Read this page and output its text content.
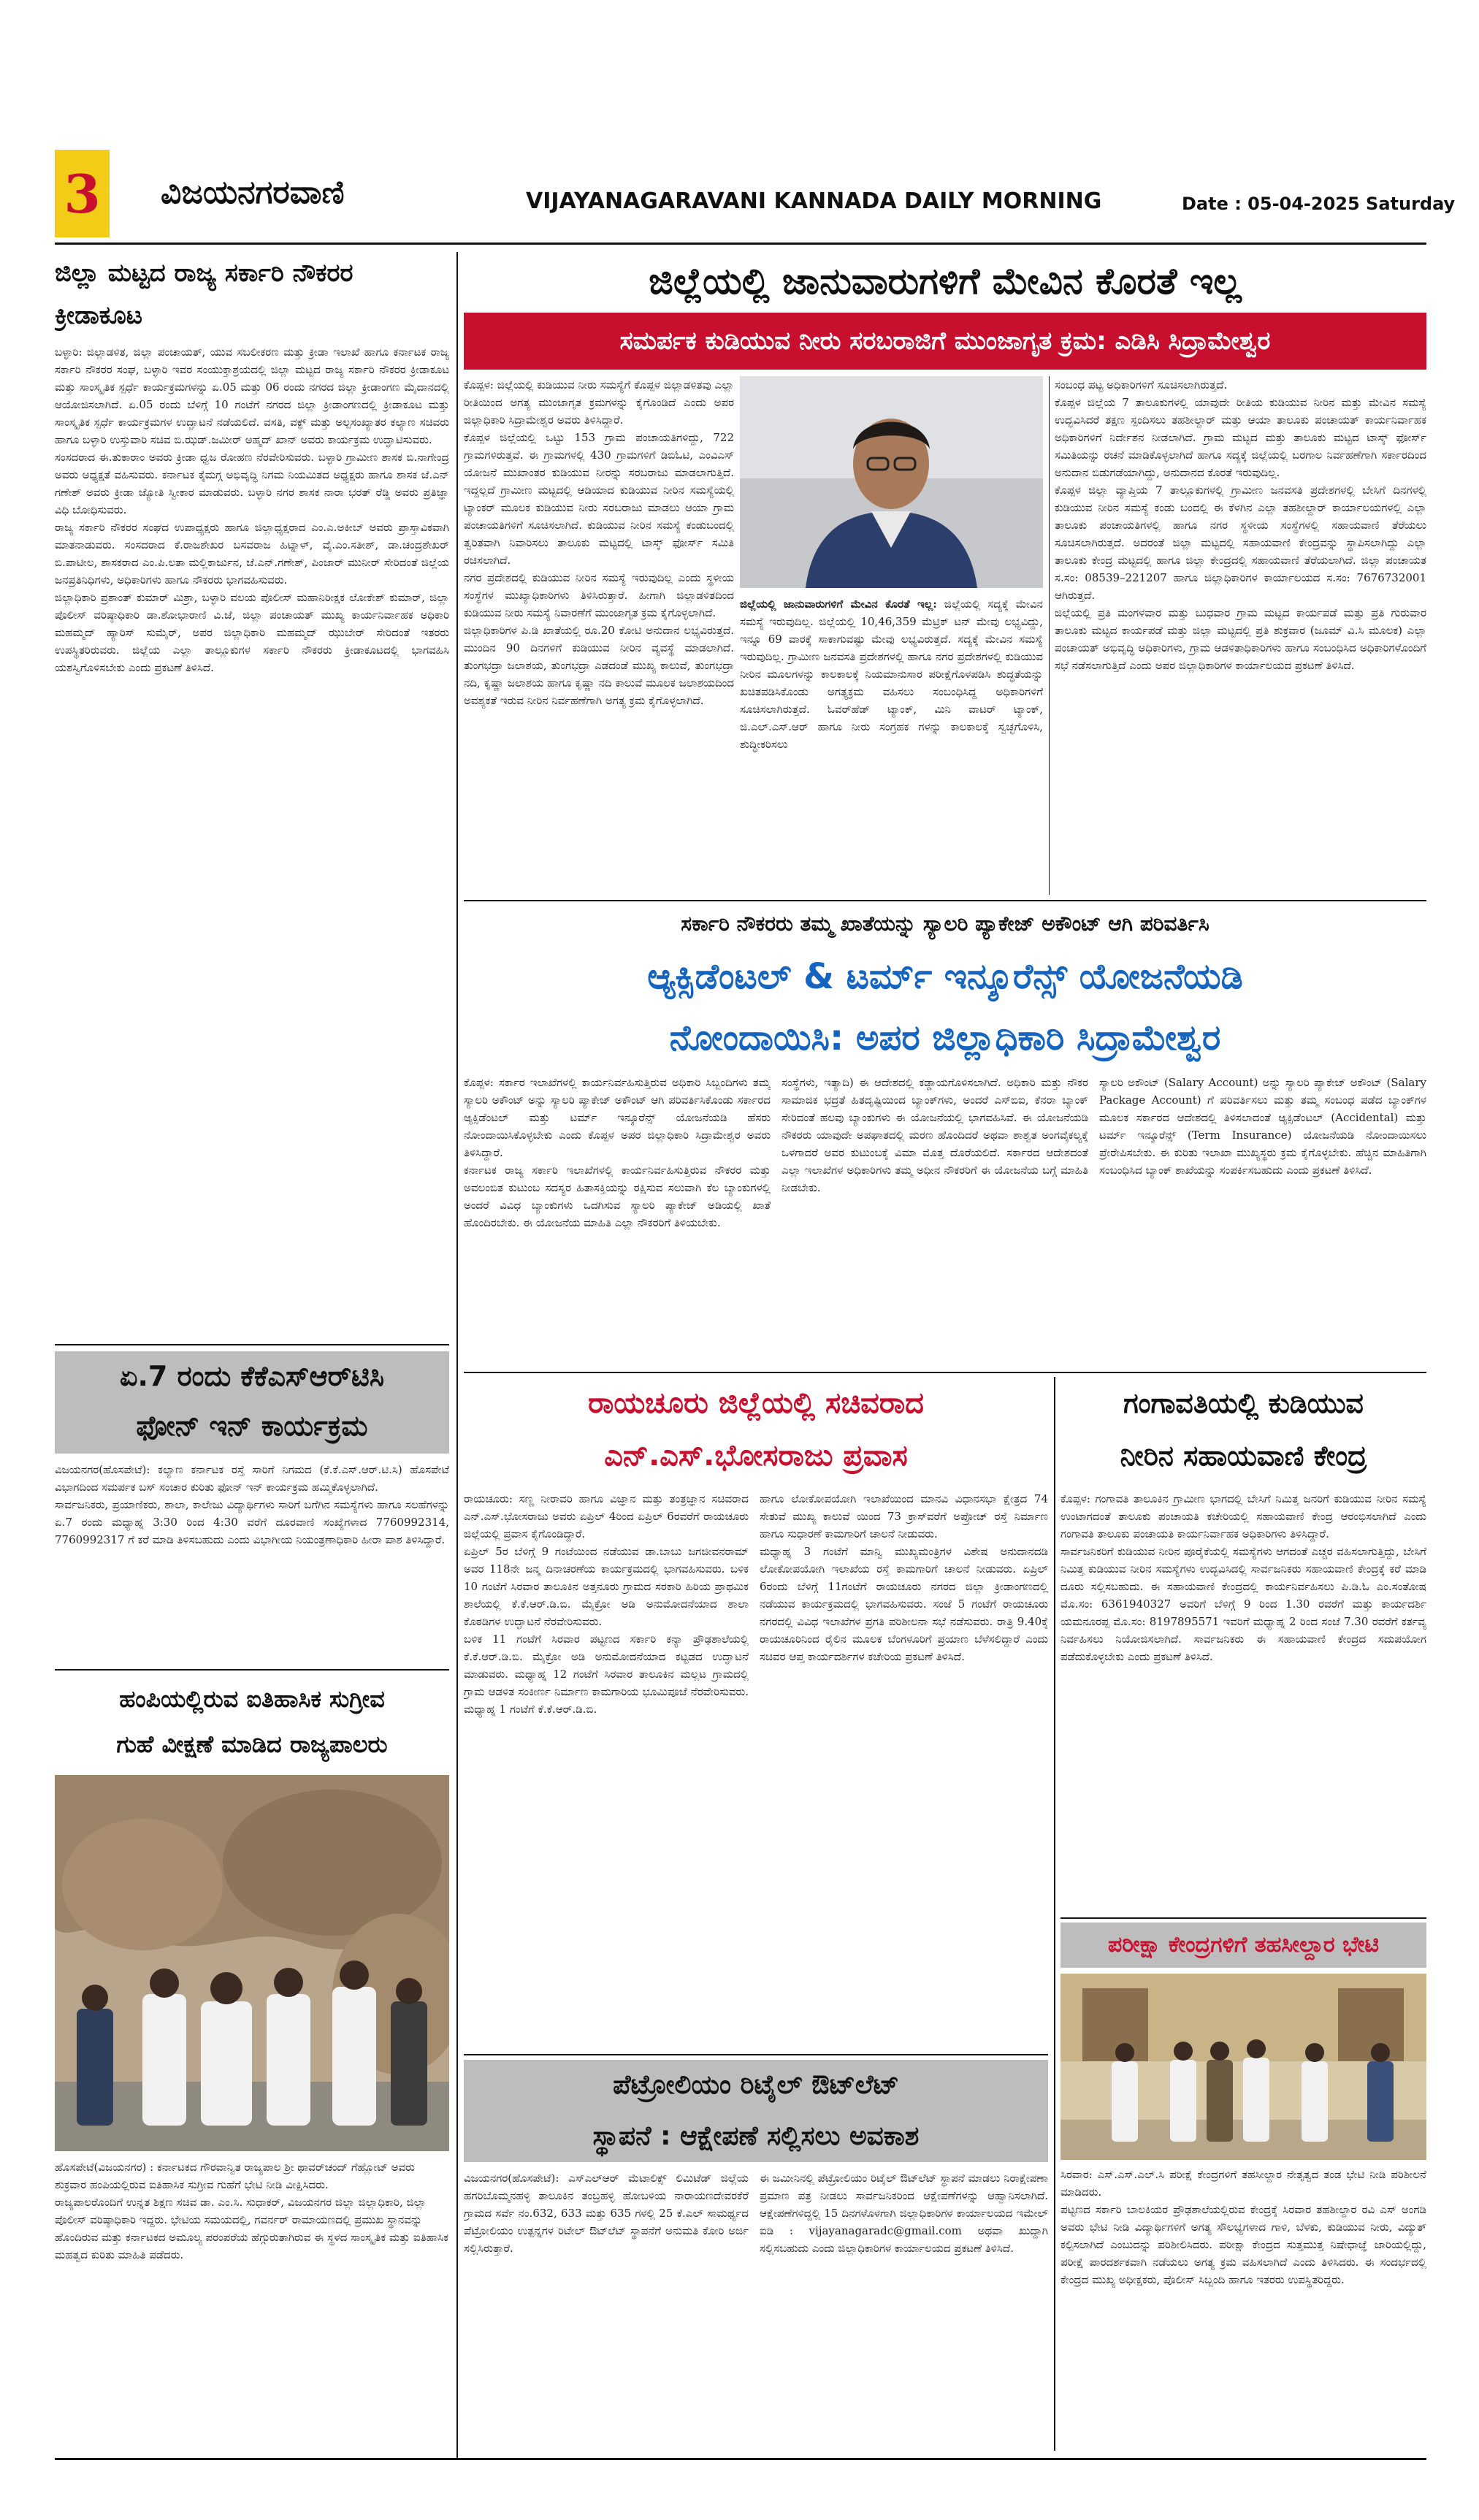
3 ವಿಜಯನಗರವಾಣಿ	VIJAYANAGARAVANI KANNADA DAILY MORNING	Date : 05-04-2025 Saturday
ಜಿಲ್ಲಾ ಮಟ್ಟದ ರಾಜ್ಯ ಸರ್ಕಾರಿ ನೌಕರರ ಕ್ರೀಡಾಕೂಟ

ಬಳ್ಳಾರಿ: ಜಿಲ್ಲಾಡಳಿತ, ಜಿಲ್ಲಾ ಪಂಚಾಯತ್, ಯುವ ಸಬಲೀಕರಣ ಮತ್ತು ಕ್ರೀಡಾ ಇಲಾಖೆ ಹಾಗೂ ಕರ್ನಾಟಕ ರಾಜ್ಯ ಸರ್ಕಾರಿ ನೌಕರರ ಸಂಘ, ಬಳ್ಳಾರಿ ಇವರ ಸಂಯುಕ್ತಾಶ್ರಯದಲ್ಲಿ ಜಿಲ್ಲಾ ಮಟ್ಟದ ರಾಜ್ಯ ಸರ್ಕಾರಿ ನೌಕರರ ಕ್ರೀಡಾಕೂಟ ಮತ್ತು ಸಾಂಸ್ಕೃತಿಕ ಸ್ಪರ್ಧೆ ಕಾರ್ಯಕ್ರಮಗಳನ್ನು ಏ.05 ಮತ್ತು 06 ರಂದು ನಗರದ ಜಿಲ್ಲಾ ಕ್ರೀಡಾಂಗಣ ಮೈದಾನದಲ್ಲಿ ಆಯೋಜಿಸಲಾಗಿದೆ. ಏ.05 ರಂದು ಬೆಳಿಗ್ಗೆ 10 ಗಂಟೆಗೆ ನಗರದ ಜಿಲ್ಲಾ ಕ್ರೀಡಾಂಗಣದಲ್ಲಿ ಕ್ರೀಡಾಕೂಟ ಮತ್ತು ಸಾಂಸ್ಕೃತಿಕ ಸ್ಪರ್ಧೆ ಕಾರ್ಯಕ್ರಮಗಳ ಉದ್ಘಾಟನೆ ನಡೆಯಲಿದೆ. ವಸತಿ, ವಕ್ಫ್ ಮತ್ತು ಅಲ್ಪಸಂಖ್ಯಾತರ ಕಲ್ಯಾಣ ಸಚಿವರು ಹಾಗೂ ಬಳ್ಳಾರಿ ಉಸ್ತುವಾರಿ ಸಚಿವ ಬಿ.ಝಡ್.ಜಮೀರ್ ಅಹ್ಮದ್ ಖಾನ್ ಅವರು ಕಾರ್ಯಕ್ರಮ ಉದ್ಘಾಟಿಸುವರು.
ಸಂಸದರಾದ ಈ.ತುಕಾರಾಂ ಅವರು ಕ್ರೀಡಾ ಧ್ವಜ ರೋಹಣ ನೆರವೇರಿಸುವರು. ಬಳ್ಳಾರಿ ಗ್ರಾಮೀಣ ಶಾಸಕ ಬಿ.ನಾಗೇಂದ್ರ ಅವರು ಅಧ್ಯಕ್ಷತೆ ವಹಿಸುವರು. ಕರ್ನಾಟಕ ಕೈಮಗ್ಗ ಅಭಿವೃದ್ಧಿ ನಿಗಮ ನಿಯಮಿತದ ಅಧ್ಯಕ್ಷರು ಹಾಗೂ ಶಾಸಕ ಜೆ.ಎನ್ ಗಣೇಶ್ ಅವರು ಕ್ರೀಡಾ ಜ್ಯೋತಿ ಸ್ವೀಕಾರ ಮಾಡುವರು. ಬಳ್ಳಾರಿ ನಗರ ಶಾಸಕ ನಾರಾ ಭರತ್ ರೆಡ್ಡಿ ಅವರು ಪ್ರತಿಜ್ಞಾ ವಿಧಿ ಬೋಧಿಸುವರು.
ರಾಜ್ಯ ಸರ್ಕಾರಿ ನೌಕರರ ಸಂಘದ ಉಪಾಧ್ಯಕ್ಷರು ಹಾಗೂ ಜಿಲ್ಲಾಧ್ಯಕ್ಷರಾದ ಎಂ.ಎ.ಅಕೀಬ್ ಅವರು ಪ್ರಾಸ್ತಾವಿಕವಾಗಿ ಮಾತನಾಡುವರು. ಸಂಸದರಾದ ಕೆ.ರಾಜಶೇಖರ ಬಸವರಾಜ ಹಿಟ್ನಾಳ್, ವೈ.ಎಂ.ಸತೀಶ್, ಡಾ.ಚಂದ್ರಶೇಖರ್ ಬಿ.ಪಾಟೀಲ, ಶಾಸಕರಾದ ಎಂ.ಪಿ.ಲತಾ ಮಲ್ಲಿಕಾರ್ಜುನ, ಜೆ.ಎನ್.ಗಣೇಶ್, ಪಿಂಜಾರ್ ಮುನೀರ್ ಸೇರಿದಂತೆ ಜಿಲ್ಲೆಯ ಜನಪ್ರತಿನಿಧಿಗಳು, ಅಧಿಕಾರಿಗಳು ಹಾಗೂ ನೌಕರರು ಭಾಗವಹಿಸುವರು.
ಜಿಲ್ಲಾಧಿಕಾರಿ ಪ್ರಶಾಂತ್ ಕುಮಾರ್ ಮಿಶ್ರಾ, ಬಳ್ಳಾರಿ ವಲಯ ಪೊಲೀಸ್ ಮಹಾನಿರೀಕ್ಷಕ ಲೋಕೇಶ್ ಕುಮಾರ್, ಜಿಲ್ಲಾ ಪೊಲೀಸ್ ವರಿಷ್ಠಾಧಿಕಾರಿ ಡಾ.ಶೋಭಾರಾಣಿ ವಿ.ಜೆ, ಜಿಲ್ಲಾ ಪಂಚಾಯತ್ ಮುಖ್ಯ ಕಾರ್ಯನಿರ್ವಾಹಕ ಅಧಿಕಾರಿ ಮಹಮ್ಮದ್ ಹ್ಯಾರಿಸ್ ಸುಮೈರ್, ಅಪರ ಜಿಲ್ಲಾಧಿಕಾರಿ ಮಹಮ್ಮದ್ ಝುಬೇರ್ ಸೇರಿದಂತೆ ಇತರರು ಉಪಸ್ಥಿತರಿರುವರು. ಜಿಲ್ಲೆಯ ಎಲ್ಲಾ ತಾಲ್ಲೂಕುಗಳ ಸರ್ಕಾರಿ ನೌಕರರು ಕ್ರೀಡಾಕೂಟದಲ್ಲಿ ಭಾಗವಹಿಸಿ ಯಶಸ್ವಿಗೊಳಿಸಬೇಕು ಎಂದು ಪ್ರಕಟಣೆ ತಿಳಿಸಿದೆ.
ಏ.7 ರಂದು ಕೆಕೆಎಸ್‌ಆರ್‌ಟಿಸಿ
ಫೋನ್ ಇನ್ ಕಾರ್ಯಕ್ರಮ
ವಿಜಯನಗರ(ಹೊಸಪೇಟೆ): ಕಲ್ಯಾಣ ಕರ್ನಾಟಕ ರಸ್ತೆ ಸಾರಿಗೆ ನಿಗಮದ (ಕೆ.ಕೆ.ಎಸ್.ಆರ್.ಟಿ.ಸಿ) ಹೊಸಪೇಟೆ ವಿಭಾಗದಿಂದ ಸಮರ್ಪಕ ಬಸ್ ಸಂಚಾರ ಕುರಿತು ಫೋನ್ ಇನ್ ಕಾರ್ಯಕ್ರಮ ಹಮ್ಮಿಕೊಳ್ಳಲಾಗಿದೆ.
ಸಾರ್ವಜನಿಕರು, ಪ್ರಯಾಣಿಕರು, ಶಾಲಾ, ಕಾಲೇಜು ವಿದ್ಯಾರ್ಥಿಗಳು ಸಾರಿಗೆ ಬಗೆಗಿನ ಸಮಸ್ಯೆಗಳು ಹಾಗೂ ಸಲಹೆಗಳನ್ನು ಏ.7 ರಂದು ಮಧ್ಯಾಹ್ನ 3:30 ರಿಂದ 4:30 ವರೆಗೆ ದೂರವಾಣಿ ಸಂಖ್ಯೆಗಳಾದ 7760992314, 7760992317 ಗೆ ಕರೆ ಮಾಡಿ ತಿಳಿಸಬಹುದು ಎಂದು ವಿಭಾಗೀಯ ನಿಯಂತ್ರಣಾಧಿಕಾರಿ ಹೀರಾ ಪಾಶ ತಿಳಿಸಿದ್ದಾರೆ.
ಹಂಪಿಯಲ್ಲಿರುವ ಐತಿಹಾಸಿಕ ಸುಗ್ರೀವ
ಗುಹೆ ವೀಕ್ಷಣೆ ಮಾಡಿದ ರಾಜ್ಯಪಾಲರು
ಹೊಸಪೇಟೆ(ವಿಜಯನಗರ) : ಕರ್ನಾಟಕದ ಗೌರವಾನ್ವಿತ ರಾಜ್ಯಪಾಲ ಶ್ರೀ ಥಾವರ್‌ಚಂದ್ ಗೆಹ್ಲೋಟ್ ಅವರು ಶುಕ್ರವಾರ ಹಂಪಿಯಲ್ಲಿರುವ ಐತಿಹಾಸಿಕ ಸುಗ್ರೀವ ಗುಹೆಗೆ ಭೇಟಿ ನೀಡಿ ವೀಕ್ಷಿಸಿದರು.
ರಾಜ್ಯಪಾಲರೊಂದಿಗೆ ಉನ್ನತ ಶಿಕ್ಷಣ ಸಚಿವ ಡಾ. ಎಂ.ಸಿ. ಸುಧಾಕರ್, ವಿಜಯನಗರ ಜಿಲ್ಲಾ ಜಿಲ್ಲಾಧಿಕಾರಿ, ಜಿಲ್ಲಾ ಪೊಲೀಸ್ ವರಿಷ್ಠಾಧಿಕಾರಿ ಇದ್ದರು. ಭೇಟಿಯ ಸಮಯದಲ್ಲಿ, ಗವರ್ನರ್ ರಾಮಾಯಣದಲ್ಲಿ ಪ್ರಮುಖ ಸ್ಥಾನವನ್ನು ಹೊಂದಿರುವ ಮತ್ತು ಕರ್ನಾಟಕದ ಅಮೂಲ್ಯ ಪರಂಪರೆಯ ಹೆಗ್ಗುರುತಾಗಿರುವ ಈ ಸ್ಥಳದ ಸಾಂಸ್ಕೃತಿಕ ಮತ್ತು ಐತಿಹಾಸಿಕ ಮಹತ್ವದ ಕುರಿತು ಮಾಹಿತಿ ಪಡೆದರು.
ಜಿಲ್ಲೆಯಲ್ಲಿ ಜಾನುವಾರುಗಳಿಗೆ ಮೇವಿನ ಕೊರತೆ ಇಲ್ಲ
ಸಮರ್ಪಕ ಕುಡಿಯುವ ನೀರು ಸರಬರಾಜಿಗೆ ಮುಂಜಾಗೃತ ಕ್ರಮ: ಎಡಿಸಿ ಸಿದ್ರಾಮೇಶ್ವರ
ಕೊಪ್ಪಳ: ಜಿಲ್ಲೆಯಲ್ಲಿ ಕುಡಿಯುವ ನೀರು ಸಮಸ್ಯೆಗೆ ಕೊಪ್ಪಳ ಜಿಲ್ಲಾಡಳಿತವು ಎಲ್ಲಾ ರೀತಿಯಿಂದ ಅಗತ್ಯ ಮುಂಜಾಗೃತ ಕ್ರಮಗಳನ್ನು ಕೈಗೊಂಡಿದೆ ಎಂದು ಅಪರ ಜಿಲ್ಲಾಧಿಕಾರಿ ಸಿದ್ರಾಮೇಶ್ವರ ಅವರು ತಿಳಿಸಿದ್ದಾರೆ.
ಕೊಪ್ಪಳ ಜಿಲ್ಲೆಯಲ್ಲಿ ಒಟ್ಟು 153 ಗ್ರಾಮ ಪಂಚಾಯತಿಗಳಿದ್ದು, 722 ಗ್ರಾಮಗಳಿರುತ್ತವೆ. ಈ ಗ್ರಾಮಗಳಲ್ಲಿ 430 ಗ್ರಾಮಗಳಿಗೆ ಡಿಬಿಓಟಿ, ಎಂವಿಎಸ್ ಯೋಜನೆ ಮುಖಾಂತರ ಕುಡಿಯುವ ನೀರನ್ನು ಸರಬರಾಜು ಮಾಡಲಾಗುತ್ತಿದೆ. ಇದ್ದಲ್ಲದೆ ಗ್ರಾಮೀಣ ಮಟ್ಟದಲ್ಲಿ ಆಡಿಯಾದ ಕುಡಿಯುವ ನೀರಿನ ಸಮಸ್ಯೆಯಲ್ಲಿ ಟ್ಯಾಂಕರ್ ಮೂಲಕ ಕುಡಿಯುವ ನೀರು ಸರಬರಾಜು ಮಾಡಲು ಆಯಾ ಗ್ರಾಮ ಪಂಚಾಯತಿಗಳಿಗೆ ಸೂಚಿಸಲಾಗಿದೆ. ಕುಡಿಯುವ ನೀರಿನ ಸಮಸ್ಯೆ ಕಂಡುಬಂದಲ್ಲಿ ತ್ವರಿತವಾಗಿ ನಿವಾರಿಸಲು ತಾಲೂಕು ಮಟ್ಟದಲ್ಲಿ ಟಾಸ್ಕ್ ಫೋರ್ಸ್ ಸಮಿತಿ ರಚಿಸಲಾಗಿದೆ.
ನಗರ ಪ್ರದೇಶದಲ್ಲಿ ಕುಡಿಯುವ ನೀರಿನ ಸಮಸ್ಯೆ ಇರುವುದಿಲ್ಲ ಎಂದು ಸ್ಥಳೀಯ ಸಂಸ್ಥೆಗಳ ಮುಖ್ಯಾಧಿಕಾರಿಗಳು ತಿಳಿಸಿರುತ್ತಾರೆ. ಹೀಗಾಗಿ ಜಿಲ್ಲಾಡಳಿತದಿಂದ ಕುಡಿಯುವ ನೀರು ಸಮಸ್ಯೆ ನಿವಾರಣೆಗೆ ಮುಂಜಾಗೃತ ಕ್ರಮ ಕೈಗೊಳ್ಳಲಾಗಿದೆ.
ಜಿಲ್ಲಾಧಿಕಾರಿಗಳ ಪಿ.ಡಿ ಖಾತೆಯಲ್ಲಿ ರೂ.20 ಕೋಟಿ ಅನುದಾನ ಲಭ್ಯವಿರುತ್ತದೆ. ಮುಂದಿನ 90 ದಿನಗಳಿಗೆ ಕುಡಿಯುವ ನೀರಿನ ವ್ಯವಸ್ಥೆ ಮಾಡಲಾಗಿದೆ. ತುಂಗಭದ್ರಾ ಜಲಾಶಯ, ತುಂಗಭದ್ರಾ ಎಡದಂಡೆ ಮುಖ್ಯ ಕಾಲುವೆ, ತುಂಗಭದ್ರಾ ನದಿ, ಕೃಷ್ಣಾ ಜಲಾಶಯ ಹಾಗೂ ಕೃಷ್ಣಾ ನದಿ ಕಾಲುವೆ ಮೂಲಕ ಜಲಾಶಯದಿಂದ ಅವಶ್ಯಕತೆ ಇರುವ ನೀರಿನ ನಿರ್ವಹಣೆಗಾಗಿ ಅಗತ್ಯ ಕ್ರಮ ಕೈಗೊಳ್ಳಲಾಗಿದೆ.
ಜಿಲ್ಲೆಯಲ್ಲಿ ಜಾನುವಾರುಗಳಿಗೆ ಮೇವಿನ ಕೊರತೆ ಇಲ್ಲ: ಜಿಲ್ಲೆಯಲ್ಲಿ ಸದ್ಯಕ್ಕೆ ಮೇವಿನ ಸಮಸ್ಯೆ ಇರುವುದಿಲ್ಲ. ಜಿಲ್ಲೆಯಲ್ಲಿ 10,46,359 ಮೆಟ್ರಿಕ್ ಟನ್ ಮೇವು ಲಭ್ಯವಿದ್ದು, ಇನ್ನೂ 69 ವಾರಕ್ಕೆ ಸಾಕಾಗುವಷ್ಟು ಮೇವು ಲಭ್ಯವಿರುತ್ತದೆ. ಸದ್ಯಕ್ಕೆ ಮೇವಿನ ಸಮಸ್ಯೆ ಇರುವುದಿಲ್ಲ. ಗ್ರಾಮೀಣ ಜನವಸತಿ ಪ್ರದೇಶಗಳಲ್ಲಿ ಹಾಗೂ ನಗರ ಪ್ರದೇಶಗಳಲ್ಲಿ ಕುಡಿಯುವ ನೀರಿನ ಮೂಲಗಳನ್ನು ಕಾಲಕಾಲಕ್ಕೆ ನಿಯಮಾನುಸಾರ ಪರೀಕ್ಷೆಗೊಳಪಡಿಸಿ ಶುದ್ಧತೆಯನ್ನು ಖಚಿತಪಡಿಸಿಕೊಂಡು ಅಗತ್ಯಕ್ರಮ ವಹಿಸಲು ಸಂಬಂಧಿಸಿದ್ದ ಅಧಿಕಾರಿಗಳಿಗೆ ಸೂಚಿಸಲಾಗಿರುತ್ತದೆ. ಓವರ್‌ಹೆಡ್ ಟ್ಯಾಂಕ್, ಮಿನಿ ವಾಟರ್ ಟ್ಯಾಂಕ್, ಜಿ.ಎಲ್.ಎಸ್.ಆರ್ ಹಾಗೂ ನೀರು ಸಂಗ್ರಹಕ ಗಳನ್ನು ಕಾಲಕಾಲಕ್ಕೆ ಸ್ವಚ್ಛಗೊಳಿಸಿ, ಶುದ್ಧೀಕರಿಸಲು
ಸಂಬಂಧ ಪಟ್ಟ ಅಧಿಕಾರಿಗಳಿಗೆ ಸೂಚಿಸಲಾಗಿರುತ್ತದೆ.
ಕೊಪ್ಪಳ ಜಿಲ್ಲೆಯ 7 ತಾಲೂಕುಗಳಲ್ಲಿ ಯಾವುದೇ ರೀತಿಯ ಕುಡಿಯುವ ನೀರಿನ ಮತ್ತು ಮೇವಿನ ಸಮಸ್ಯೆ ಉದ್ಭವಿಸಿದರೆ ತಕ್ಷಣ ಸ್ಪಂದಿಸಲು ತಹಶೀಲ್ದಾರ್ ಮತ್ತು ಆಯಾ ತಾಲೂಕು ಪಂಚಾಯತ್ ಕಾರ್ಯನಿರ್ವಾಹಕ ಅಧಿಕಾರಿಗಳಿಗೆ ನಿರ್ದೇಶನ ನೀಡಲಾಗಿದೆ. ಗ್ರಾಮ ಮಟ್ಟದ ಮತ್ತು ತಾಲೂಕು ಮಟ್ಟದ ಟಾಸ್ಕ್ ಫೋರ್ಸ್ ಸಮಿತಿಯನ್ನು ರಚನೆ ಮಾಡಿಕೊಳ್ಳಲಾಗಿದೆ ಹಾಗೂ ಸದ್ಯಕ್ಕೆ ಜಿಲ್ಲೆಯಲ್ಲಿ ಬರಗಾಲ ನಿರ್ವಹಣೆಗಾಗಿ ಸರ್ಕಾರದಿಂದ ಅನುದಾನ ಬಿಡುಗಡೆಯಾಗಿದ್ದು, ಅನುದಾನದ ಕೊರತೆ ಇರುವುದಿಲ್ಲ.
ಕೊಪ್ಪಳ ಜಿಲ್ಲಾ ವ್ಯಾಪ್ತಿಯ 7 ತಾಲ್ಲೂಕುಗಳಲ್ಲಿ ಗ್ರಾಮೀಣ ಜನವಸತಿ ಪ್ರದೇಶಗಳಲ್ಲಿ ಬೇಸಿಗೆ ದಿನಗಳಲ್ಲಿ ಕುಡಿಯುವ ನೀರಿನ ಸಮಸ್ಯೆ ಕಂಡು ಬಂದಲ್ಲಿ ಈ ಕೆಳಗಿನ ಎಲ್ಲಾ ತಹಶೀಲ್ದಾರ್ ಕಾರ್ಯಾಲಯಗಳಲ್ಲಿ ಎಲ್ಲಾ ತಾಲೂಕು ಪಂಚಾಯತಿಗಳಲ್ಲಿ ಹಾಗೂ ನಗರ ಸ್ಥಳೀಯ ಸಂಸ್ಥೆಗಳಲ್ಲಿ ಸಹಾಯವಾಣಿ ತೆರೆಯಲು ಸೂಚಿಸಲಾಗಿರುತ್ತದೆ. ಅದರಂತೆ ಜಿಲ್ಲಾ ಮಟ್ಟದಲ್ಲಿ ಸಹಾಯವಾಣಿ ಕೇಂದ್ರವನ್ನು ಸ್ಥಾಪಿಸಲಾಗಿದ್ದು ಎಲ್ಲಾ ತಾಲೂಕು ಕೇಂದ್ರ ಮಟ್ಟದಲ್ಲಿ ಹಾಗೂ ಜಿಲ್ಲಾ ಕೇಂದ್ರದಲ್ಲಿ ಸಹಾಯವಾಣಿ ತೆರೆಯಲಾಗಿದೆ. ಜಿಲ್ಲಾ ಪಂಚಾಯತ ಸ.ಸಂ: 08539–221207 ಹಾಗೂ ಜಿಲ್ಲಾಧಿಕಾರಿಗಳ ಕಾರ್ಯಾಲಯದ ಸ.ಸಂ: 7676732001 ಆಗಿರುತ್ತದೆ.
ಜಿಲ್ಲೆಯಲ್ಲಿ ಪ್ರತಿ ಮಂಗಳವಾರ ಮತ್ತು ಬುಧವಾರ ಗ್ರಾಮ ಮಟ್ಟದ ಕಾರ್ಯಪಡೆ ಮತ್ತು ಪ್ರತಿ ಗುರುವಾರ ತಾಲೂಕು ಮಟ್ಟದ ಕಾರ್ಯಪಡೆ ಮತ್ತು ಜಿಲ್ಲಾ ಮಟ್ಟದಲ್ಲಿ ಪ್ರತಿ ಶುಕ್ರವಾರ (ಜೂಮ್ ವಿ.ಸಿ ಮೂಲಕ) ಎಲ್ಲಾ ಪಂಚಾಯತ್ ಅಭಿವೃದ್ಧಿ ಅಧಿಕಾರಿಗಳು, ಗ್ರಾಮ ಆಡಳಿತಾಧಿಕಾರಿಗಳು ಹಾಗೂ ಸಂಬಂಧಿಸಿದ ಅಧಿಕಾರಿಗಳೊಂದಿಗೆ ಸಭೆ ನಡೆಸಲಾಗುತ್ತಿದೆ ಎಂದು ಅಪರ ಜಿಲ್ಲಾಧಿಕಾರಿಗಳ ಕಾರ್ಯಾಲಯದ ಪ್ರಕಟಣೆ ತಿಳಿಸಿದೆ.
ಸರ್ಕಾರಿ ನೌಕರರು ತಮ್ಮ ಖಾತೆಯನ್ನು ಸ್ಯಾಲರಿ ಪ್ಯಾಕೇಜ್ ಅಕೌಂಟ್ ಆಗಿ ಪರಿವರ್ತಿಸಿ
ಆ್ಯಕ್ಸಿಡೆಂಟಲ್ & ಟರ್ಮ್ ಇನ್ಶೂರೆನ್ಸ್ ಯೋಜನೆಯಡಿ
ನೋಂದಾಯಿಸಿ: ಅಪರ ಜಿಲ್ಲಾಧಿಕಾರಿ ಸಿದ್ರಾಮೇಶ್ವರ
ಕೊಪ್ಪಳ: ಸರ್ಕಾರ ಇಲಾಖೆಗಳಲ್ಲಿ ಕಾರ್ಯನಿರ್ವಹಿಸುತ್ತಿರುವ ಅಧಿಕಾರಿ ಸಿಬ್ಬಂದಿಗಳು ತಮ್ಮ ಸ್ಯಾಲರಿ ಅಕೌಂಟ್ ಅನ್ನು ಸ್ಯಾಲರಿ ಪ್ಯಾಕೇಜ್ ಅಕೌಂಟ್ ಆಗಿ ಪರಿವರ್ತಿಸಿಕೊಂಡು ಸರ್ಕಾರದ ಆ್ಯಕ್ಸಿಡೆಂಟಲ್ ಮತ್ತು ಟರ್ಮ್ ಇನ್ಶೂರೆನ್ಸ್ ಯೋಜನೆಯಡಿ ಹೆಸರು ನೋಂದಾಯಿಸಿಕೊಳ್ಳಬೇಕು ಎಂದು ಕೊಪ್ಪಳ ಅಪರ ಜಿಲ್ಲಾಧಿಕಾರಿ ಸಿದ್ರಾಮೇಶ್ವರ ಅವರು ತಿಳಿಸಿದ್ದಾರೆ.
ಕರ್ನಾಟಕ ರಾಜ್ಯ ಸರ್ಕಾರಿ ಇಲಾಖೆಗಳಲ್ಲಿ ಕಾರ್ಯನಿರ್ವಹಿಸುತ್ತಿರುವ ನೌಕರರ ಮತ್ತು ಅವಲಂಬಿತ ಕುಟುಂಬ ಸದಸ್ಯರ ಹಿತಾಸಕ್ತಿಯನ್ನು ರಕ್ಷಿಸುವ ಸಲುವಾಗಿ ಕೆಲ ಬ್ಯಾಂಕುಗಳಲ್ಲಿ ಅಂದರೆ ವಿವಿಧ ಬ್ಯಾಂಕುಗಳು ಒದಗಿಸುವ ಸ್ಯಾಲರಿ ಪ್ಯಾಕೇಜ್ ಅಡಿಯಲ್ಲಿ ಖಾತೆ ಹೊಂದಿರಬೇಕು. ಈ ಯೋಜನೆಯ ಮಾಹಿತಿ ಎಲ್ಲಾ ನೌಕರರಿಗೆ ತಿಳಿಯಬೇಕು.
ಸಂಸ್ಥೆಗಳು, ಇತ್ಯಾದಿ) ಈ ಆದೇಶದಲ್ಲಿ ಕಡ್ಡಾಯಗೊಳಿಸಲಾಗಿದೆ. ಅಧಿಕಾರಿ ಮತ್ತು ನೌಕರ ಸಾಮಾಜಿಕ ಭದ್ರತೆ ಹಿತದೃಷ್ಟಿಯಿಂದ ಬ್ಯಾಂಕ್‌ಗಳು, ಅಂದರೆ ಎಸ್‌ಬಿಐ, ಕೆನರಾ ಬ್ಯಾಂಕ್ ಸೇರಿದಂತೆ ಹಲವು ಬ್ಯಾಂಕುಗಳು ಈ ಯೋಜನೆಯಲ್ಲಿ ಭಾಗವಹಿಸಿವೆ. ಈ ಯೋಜನೆಯಡಿ ನೌಕರರು ಯಾವುದೇ ಅಪಘಾತದಲ್ಲಿ ಮರಣ ಹೊಂದಿದರೆ ಅಥವಾ ಶಾಶ್ವತ ಅಂಗವೈಕಲ್ಯಕ್ಕೆ ಒಳಗಾದರೆ ಅವರ ಕುಟುಂಬಕ್ಕೆ ವಿಮಾ ಮೊತ್ತ ದೊರೆಯಲಿದೆ. ಸರ್ಕಾರದ ಆದೇಶದಂತೆ ಎಲ್ಲಾ ಇಲಾಖೆಗಳ ಅಧಿಕಾರಿಗಳು ತಮ್ಮ ಅಧೀನ ನೌಕರರಿಗೆ ಈ ಯೋಜನೆಯ ಬಗ್ಗೆ ಮಾಹಿತಿ ನೀಡಬೇಕು.
ಸ್ಯಾಲರಿ ಅಕೌಂಟ್ (Salary Account) ಅನ್ನು ಸ್ಯಾಲರಿ ಪ್ಯಾಕೇಜ್ ಅಕೌಂಟ್ (Salary Package Account) ಗೆ ಪರಿವರ್ತಿಸಲು ಮತ್ತು ತಮ್ಮ ಸಂಬಂಧ ಪಡೆದ ಬ್ಯಾಂಕ್‌ಗಳ ಮೂಲಕ ಸರ್ಕಾರದ ಆದೇಶದಲ್ಲಿ ತಿಳಿಸಲಾದಂತೆ ಆ್ಯಕ್ಸಿಡೆಂಟಲ್ (Accidental) ಮತ್ತು ಟರ್ಮ್ ಇನ್ಶೂರೆನ್ಸ್ (Term Insurance) ಯೋಜನೆಯಡಿ ನೋಂದಾಯಿಸಲು ಪ್ರೇರೇಪಿಸಬೇಕು. ಈ ಕುರಿತು ಇಲಾಖಾ ಮುಖ್ಯಸ್ಥರು ಕ್ರಮ ಕೈಗೊಳ್ಳಬೇಕು. ಹೆಚ್ಚಿನ ಮಾಹಿತಿಗಾಗಿ ಸಂಬಂಧಿಸಿದ ಬ್ಯಾಂಕ್ ಶಾಖೆಯನ್ನು ಸಂಪರ್ಕಿಸಬಹುದು ಎಂದು ಪ್ರಕಟಣೆ ತಿಳಿಸಿದೆ.
ರಾಯಚೂರು ಜಿಲ್ಲೆಯಲ್ಲಿ ಸಚಿವರಾದ
ಎನ್.ಎಸ್.ಭೋಸರಾಜು ಪ್ರವಾಸ
ರಾಯಚೂರು: ಸಣ್ಣ ನೀರಾವರಿ ಹಾಗೂ ವಿಜ್ಞಾನ ಮತ್ತು ತಂತ್ರಜ್ಞಾನ ಸಚಿವರಾದ ಎನ್.ಎಸ್.ಭೋಸರಾಜು ಅವರು ಏಪ್ರಿಲ್ 4ರಿಂದ ಏಪ್ರಿಲ್ 6ರವರೆಗೆ ರಾಯಚೂರು ಜಿಲ್ಲೆಯಲ್ಲಿ ಪ್ರವಾಸ ಕೈಗೊಂಡಿದ್ದಾರೆ.
ಏಪ್ರಿಲ್ 5ರ ಬೆಳಿಗ್ಗೆ 9 ಗಂಟೆಯಿಂದ ನಡೆಯುವ ಡಾ.ಬಾಬು ಜಗಜೀವನರಾಮ್ ಅವರ 118ನೇ ಜನ್ಮ ದಿನಾಚರಣೆಯ ಕಾರ್ಯಕ್ರಮದಲ್ಲಿ ಭಾಗವಹಿಸುವರು. ಬಳಿಕ 10 ಗಂಟೆಗೆ ಸಿರವಾರ ತಾಲೂಕಿನ ಅತ್ತನೂರು ಗ್ರಾಮದ ಸರಕಾರಿ ಹಿರಿಯ ಪ್ರಾಥಮಿಕ ಶಾಲೆಯಲ್ಲಿ ಕೆ.ಕೆ.ಆರ್.ಡಿ.ಬಿ. ಮೈಕ್ರೋ ಅಡಿ ಅನುಮೋದನೆಯಾದ ಶಾಲಾ ಕೊಠಡಿಗಳ ಉದ್ಘಾಟನೆ ನೆರವೇರಿಸುವರು.
ಬಳಿಕ 11 ಗಂಟೆಗೆ ಸಿರವಾರ ಪಟ್ಟಣದ ಸರ್ಕಾರಿ ಕನ್ಯಾ ಪ್ರೌಢಶಾಲೆಯಲ್ಲಿ ಕೆ.ಕೆ.ಆರ್.ಡಿ.ಬಿ. ಮೈಕ್ರೋ ಅಡಿ ಅನುಮೋದನೆಯಾದ ಕಟ್ಟಡದ ಉದ್ಘಾಟನೆ ಮಾಡುವರು. ಮಧ್ಯಾಹ್ನ 12 ಗಂಟೆಗೆ ಸಿರವಾರ ತಾಲೂಕಿನ ಮಲ್ಲಟ ಗ್ರಾಮದಲ್ಲಿ ಗ್ರಾಮ ಆಡಳಿತ ಸಂಕೀರ್ಣ ನಿರ್ಮಾಣ ಕಾಮಗಾರಿಯ ಭೂಮಿಪೂಜೆ ನೆರವೇರಿಸುವರು. ಮಧ್ಯಾಹ್ನ 1 ಗಂಟೆಗೆ ಕೆ.ಕೆ.ಆರ್.ಡಿ.ಬಿ.
ಹಾಗೂ ಲೋಕೋಪಯೋಗಿ ಇಲಾಖೆಯಿಂದ ಮಾನವಿ ವಿಧಾನಸಭಾ ಕ್ಷೇತ್ರದ 74 ಸೇತುವೆ ಮುಖ್ಯ ಕಾಲುವೆ ಯಿಂದ 73 ಕ್ರಾಸ್‌ವರೆಗೆ ಅಪ್ರೋಚ್ ರಸ್ತೆ ನಿರ್ಮಾಣ ಹಾಗೂ ಸುಧಾರಣೆ ಕಾಮಗಾರಿಗೆ ಚಾಲನೆ ನೀಡುವರು.
ಮಧ್ಯಾಹ್ನ 3 ಗಂಟೆಗೆ ಮಾನ್ವಿ ಮುಖ್ಯಮಂತ್ರಿಗಳ ವಿಶೇಷ ಅನುದಾನದಡಿ ಲೋಕೋಪಯೋಗಿ ಇಲಾಖೆಯ ರಸ್ತೆ ಕಾಮಗಾರಿಗೆ ಚಾಲನೆ ನೀಡುವರು. ಏಪ್ರಿಲ್ 6ರಂದು ಬೆಳಿಗ್ಗೆ 11ಗಂಟೆಗೆ ರಾಯಚೂರು ನಗರದ ಜಿಲ್ಲಾ ಕ್ರೀಡಾಂಗಣದಲ್ಲಿ ನಡೆಯುವ ಕಾರ್ಯಕ್ರಮದಲ್ಲಿ ಭಾಗವಹಿಸುವರು. ಸಂಜೆ 5 ಗಂಟೆಗೆ ರಾಯಚೂರು ನಗರದಲ್ಲಿ ವಿವಿಧ ಇಲಾಖೆಗಳ ಪ್ರಗತಿ ಪರಿಶೀಲನಾ ಸಭೆ ನಡೆಸುವರು. ರಾತ್ರಿ 9.40ಕ್ಕೆ ರಾಯಚೂರಿನಿಂದ ರೈಲಿನ ಮೂಲಕ ಬೆಂಗಳೂರಿಗೆ ಪ್ರಯಾಣ ಬೆಳೆಸಲಿದ್ದಾರೆ ಎಂದು ಸಚಿವರ ಆಪ್ತ ಕಾರ್ಯದರ್ಶಿಗಳ ಕಚೇರಿಯ ಪ್ರಕಟಣೆ ತಿಳಿಸಿದೆ.
ಪೆಟ್ರೋಲಿಯಂ ರಿಟೈಲ್ ಔಟ್‌ಲೆಟ್
ಸ್ಥಾಪನೆ : ಆಕ್ಷೇಪಣೆ ಸಲ್ಲಿಸಲು ಅವಕಾಶ
ವಿಜಯನಗರ(ಹೊಸಪೇಟೆ): ಎಸ್‌ಎಲ್‌ಆರ್ ಮೆಟಾಲಿಕ್ಸ್ ಲಿಮಿಟೆಡ್ ಜಿಲ್ಲೆಯ ಹಗರಿಬೊಮ್ಮನಹಳ್ಳಿ ತಾಲೂಕಿನ ತಂಬ್ರಹಳ್ಳಿ ಹೋಬಳಿಯ ನಾರಾಯಣದೇವರಕೆರೆ ಗ್ರಾಮದ ಸರ್ವೆ ನಂ.632, 633 ಮತ್ತು 635 ಗಳಲ್ಲಿ 25 ಕೆ.ಎಲ್ ಸಾಮರ್ಥ್ಯದ ಪೆಟ್ರೋಲಿಯಂ ಉತ್ಪನ್ನಗಳ ರಿಟೇಲ್ ಔಟ್‌ಲೆಟ್ ಸ್ಥಾಪನೆಗೆ ಅನುಮತಿ ಕೋರಿ ಅರ್ಜಿ ಸಲ್ಲಿಸಿರುತ್ತಾರೆ.
ಈ ಜಮೀನಿನಲ್ಲಿ ಪೆಟ್ರೋಲಿಯಂ ರಿಟೈಲ್ ಔಟ್‌ಲೆಟ್ ಸ್ಥಾಪನೆ ಮಾಡಲು ನಿರಾಕ್ಷೇಪಣಾ ಪ್ರಮಾಣ ಪತ್ರ ನೀಡಲು ಸಾರ್ವಜನಿಕರಿಂದ ಆಕ್ಷೇಪಣೆಗಳನ್ನು ಆಹ್ವಾನಿಸಲಾಗಿದೆ. ಆಕ್ಷೇಪಣೆಗಳಿದ್ದಲ್ಲಿ 15 ದಿನಗಳೊಳಗಾಗಿ ಜಿಲ್ಲಾಧಿಕಾರಿಗಳ ಕಾರ್ಯಾಲಯದ ಇಮೇಲ್ ಐಡಿ : vijayanagaradc@gmail.com ಅಥವಾ ಖುದ್ದಾಗಿ ಸಲ್ಲಿಸಬಹುದು ಎಂದು ಜಿಲ್ಲಾಧಿಕಾರಿಗಳ ಕಾರ್ಯಾಲಯದ ಪ್ರಕಟಣೆ ತಿಳಿಸಿದೆ.
ಗಂಗಾವತಿಯಲ್ಲಿ ಕುಡಿಯುವ
ನೀರಿನ ಸಹಾಯವಾಣಿ ಕೇಂದ್ರ
ಕೊಪ್ಪಳ: ಗಂಗಾವತಿ ತಾಲೂಕಿನ ಗ್ರಾಮೀಣ ಭಾಗದಲ್ಲಿ ಬೇಸಿಗೆ ನಿಮಿತ್ತ ಜನರಿಗೆ ಕುಡಿಯುವ ನೀರಿನ ಸಮಸ್ಯೆ ಉಂಟಾಗದಂತೆ ತಾಲೂಕು ಪಂಚಾಯತಿ ಕಚೇರಿಯಲ್ಲಿ ಸಹಾಯವಾಣಿ ಕೇಂದ್ರ ಆರಂಭಿಸಲಾಗಿದೆ ಎಂದು ಗಂಗಾವತಿ ತಾಲೂಕು ಪಂಚಾಯತಿ ಕಾರ್ಯನಿರ್ವಾಹಕ ಅಧಿಕಾರಿಗಳು ತಿಳಿಸಿದ್ದಾರೆ.
ಸಾರ್ವಜನಿಕರಿಗೆ ಕುಡಿಯುವ ನೀರಿನ ಪೂರೈಕೆಯಲ್ಲಿ ಸಮಸ್ಯೆಗಳು ಆಗದಂತೆ ಎಚ್ಚರ ವಹಿಸಲಾಗುತ್ತಿದ್ದು, ಬೇಸಿಗೆ ನಿಮಿತ್ತ ಕುಡಿಯುವ ನೀರಿನ ಸಮಸ್ಯೆಗಳು ಉದ್ಭವಿಸಿದಲ್ಲಿ ಸಾರ್ವಜನಿಕರು ಸಹಾಯವಾಣಿ ಕೇಂದ್ರಕ್ಕೆ ಕರೆ ಮಾಡಿ ದೂರು ಸಲ್ಲಿಸಬಹುದು. ಈ ಸಹಾಯವಾಣಿ ಕೇಂದ್ರದಲ್ಲಿ ಕಾರ್ಯನಿರ್ವಹಿಸಲು ಪಿ.ಡಿ.ಓ ಎಂ.ಸಂತೋಷ ಮೊ.ಸಂ: 6361940327 ಅವರಿಗೆ ಬೆಳಿಗ್ಗೆ 9 ರಿಂದ 1.30 ರವರೆಗೆ ಮತ್ತು ಕಾರ್ಯದರ್ಶಿ ಯಮನೂರಪ್ಪ ಮೊ.ಸಂ: 8197895571 ಇವರಿಗೆ ಮಧ್ಯಾಹ್ನ 2 ರಿಂದ ಸಂಜೆ 7.30 ರವರೆಗೆ ಕರ್ತವ್ಯ ನಿರ್ವಹಿಸಲು ನಿಯೋಜಿಸಲಾಗಿದೆ. ಸಾರ್ವಜನಿಕರು ಈ ಸಹಾಯವಾಣಿ ಕೇಂದ್ರದ ಸದುಪಯೋಗ ಪಡೆದುಕೊಳ್ಳಬೇಕು ಎಂದು ಪ್ರಕಟಣೆ ತಿಳಿಸಿದೆ.
ಪರೀಕ್ಷಾ ಕೇಂದ್ರಗಳಿಗೆ ತಹಸೀಲ್ದಾರ ಭೇಟಿ
ಸಿರವಾರ: ಎಸ್.ಎಸ್.ಎಲ್.ಸಿ ಪರೀಕ್ಷೆ ಕೇಂದ್ರಗಳಿಗೆ ತಹಸೀಲ್ದಾರ ನೇತೃತ್ವದ ತಂಡ ಭೇಟಿ ನೀಡಿ ಪರಿಶೀಲನೆ ಮಾಡಿದರು.
ಪಟ್ಟಣದ ಸರ್ಕಾರಿ ಬಾಲಕಿಯರ ಪ್ರೌಢಶಾಲೆಯಲ್ಲಿರುವ ಕೇಂದ್ರಕ್ಕೆ ಸಿರವಾರ ತಹಶೀಲ್ದಾರ ರವಿ ಎಸ್ ಅಂಗಡಿ ಅವರು ಭೇಟಿ ನೀಡಿ ವಿದ್ಯಾರ್ಥಿಗಳಿಗೆ ಅಗತ್ಯ ಸೌಲಭ್ಯಗಳಾದ ಗಾಳಿ, ಬೆಳಕು, ಕುಡಿಯುವ ನೀರು, ವಿದ್ಯುತ್ ಕಲ್ಪಿಸಲಾಗಿದೆ ಎಂಬುದನ್ನು ಪರಿಶೀಲಿಸಿದರು. ಪರೀಕ್ಷಾ ಕೇಂದ್ರದ ಸುತ್ತಮುತ್ತ ನಿಷೇಧಾಜ್ಞೆ ಜಾರಿಯಲ್ಲಿದ್ದು, ಪರೀಕ್ಷೆ ಪಾರದರ್ಶಕವಾಗಿ ನಡೆಯಲು ಅಗತ್ಯ ಕ್ರಮ ವಹಿಸಲಾಗಿದೆ ಎಂದು ತಿಳಿಸಿದರು. ಈ ಸಂದರ್ಭದಲ್ಲಿ ಕೇಂದ್ರದ ಮುಖ್ಯ ಅಧೀಕ್ಷಕರು, ಪೊಲೀಸ್ ಸಿಬ್ಬಂದಿ ಹಾಗೂ ಇತರರು ಉಪಸ್ಥಿತರಿದ್ದರು.
